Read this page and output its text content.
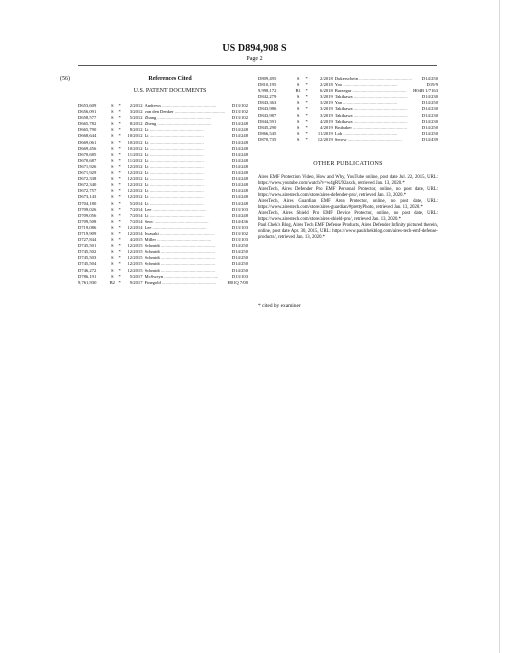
US D894,908 S
Page 2
(56)	References Cited
U.S. PATENT DOCUMENTS
D653,609	S	*	2/2012	Andrews .....	D13/102
D656,091	S	*	3/2012	van den Denker .....	D13/102
D658,577	S	*	5/2012	Zhang .....	D13/102
D665,782	S	*	8/2012	Zheng .....	D14/248
D665,790	S	*	8/2012	Li .....	D14/248
D668,644	S	*	10/2012	Li .....	D14/248
D669,061	S	*	10/2012	Li .....	D14/248
D669,456	S	*	10/2012	Li .....	D14/248
D670,685	S	*	11/2012	Li .....	D14/248
D670,687	S	*	11/2012	Li .....	D14/248
D671,926	S	*	12/2012	Li .....	D14/248
D671,929	S	*	12/2012	Li .....	D14/248
D672,338	S	*	12/2012	Li .....	D14/248
D672,340	S	*	12/2012	Li .....	D14/248
D672,757	S	*	12/2012	Li .....	D14/248
D673,143	S	*	12/2012	Li .....	D14/248
D704,180	S	*	5/2014	Li .....	D14/248
D709,026	S	*	7/2014	Lee .....	D13/103
D709,056	S	*	7/2014	Li .....	D14/248
D709,508	S	*	7/2014	Seoc .....	D14/436
D719,086	S	*	12/2014	Lee .....	D13/103
D719,909	S	*	12/2014	Iwasaki .....	D13/102
D727,844	S	*	4/2015	Miller .....	D13/103
D745,501	S	*	12/2015	Schmidt .....	D14/250
D745,502	S	*	12/2015	Schmidt .....	D14/250
D745,503	S	*	12/2015	Schmidt .....	D14/250
D745,504	S	*	12/2015	Schmidt .....	D14/250
D746,272	S	*	12/2015	Schmidt .....	D14/250
D786,191	S	*	5/2017	McSweyn .....	D13/103
9,761,930	B2	*	9/2017	Finegold .....	H01Q 7/00
D809,495	S	*	2/2018	Dukerschein .....	D14/250
D810,195	S	*	2/2018	Yoo .....	D19/9
9,998,172	B1	*	6/2018	Barzegar .....	H04B 1/7163
D842,279	S	*	3/2019	Takikawa .....	D14/230
D843,363	S	*	3/2019	Yan .....	D14/250
D843,986	S	*	3/2019	Takikawa .....	D14/230
D843,987	S	*	3/2019	Takikawa .....	D14/230
D844,591	S	*	4/2019	Takikawa .....	D14/230
D845,290	S	*	4/2019	Brubaker .....	D14/250
D866,545	S	*	11/2019	Loh .....	D14/250
D870,735	S	*	12/2019	Serow .....	D14/439
OTHER PUBLICATIONS

Aires EMF Protection Video, How and Why, YouTube online, post date Jul. 22, 2015, URL: https://www.youtube.com/watch?v=w4gRU92axck, retrieved Jan. 13, 2020.*

AiresTech, Aires Defender Pro EMF Personal Protector, online, no post date, URL: https://www.airestech.com/store/aires-defender-pro/, retrieved Jan. 13, 2020.*

AiresTech, Aires Guardian EMF Area Protector, online, no post date, URL: https://www.airestech.com/store/aires-guardian/#prettyPhoto, retrieved Jan. 13, 2020.*

AiresTech, Aires Shield Pro EMF Device Protector, online, no post date, URL: https://www.airestech.com/store/aires-shield-pro/, retrieved Jan. 13, 2020.*

Paul Chek's Blog, Aires Tech EMF Defense Products, Aires Defender Infinity pictured therein, online, post date Apr. 30, 2015, URL: https://www.paulchekblog.com/aires-tech-emf-defense-products/, retrieved Jan. 13, 2020.*

* cited by examiner
